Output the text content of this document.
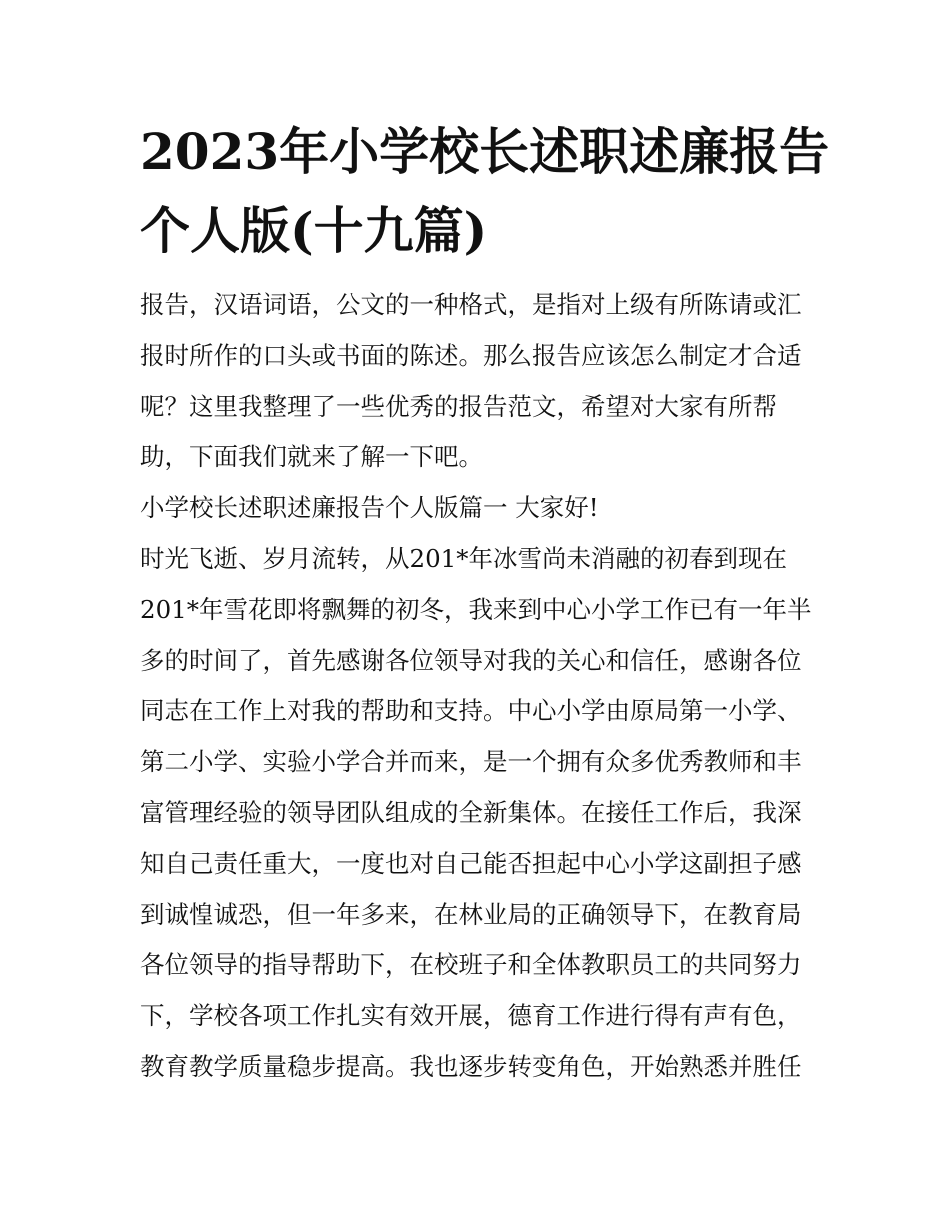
2023年小学校长述职述廉报告
个人版(十九篇)
报告，汉语词语，公文的一种格式，是指对上级有所陈请或汇
报时所作的口头或书面的陈述。那么报告应该怎么制定才合适
呢？这里我整理了一些优秀的报告范文，希望对大家有所帮
助，下面我们就来了解一下吧。
小学校长述职述廉报告个人版篇一 大家好!
时光飞逝、岁月流转，从201*年冰雪尚未消融的初春到现在
201*年雪花即将飘舞的初冬，我来到中心小学工作已有一年半
多的时间了，首先感谢各位领导对我的关心和信任，感谢各位
同志在工作上对我的帮助和支持。中心小学由原局第一小学、
第二小学、实验小学合并而来，是一个拥有众多优秀教师和丰
富管理经验的领导团队组成的全新集体。在接任工作后，我深
知自己责任重大，一度也对自己能否担起中心小学这副担子感
到诚惶诚恐，但一年多来，在林业局的正确领导下，在教育局
各位领导的指导帮助下，在校班子和全体教职员工的共同努力
下，学校各项工作扎实有效开展，德育工作进行得有声有色，
教育教学质量稳步提高。我也逐步转变角色，开始熟悉并胜任
